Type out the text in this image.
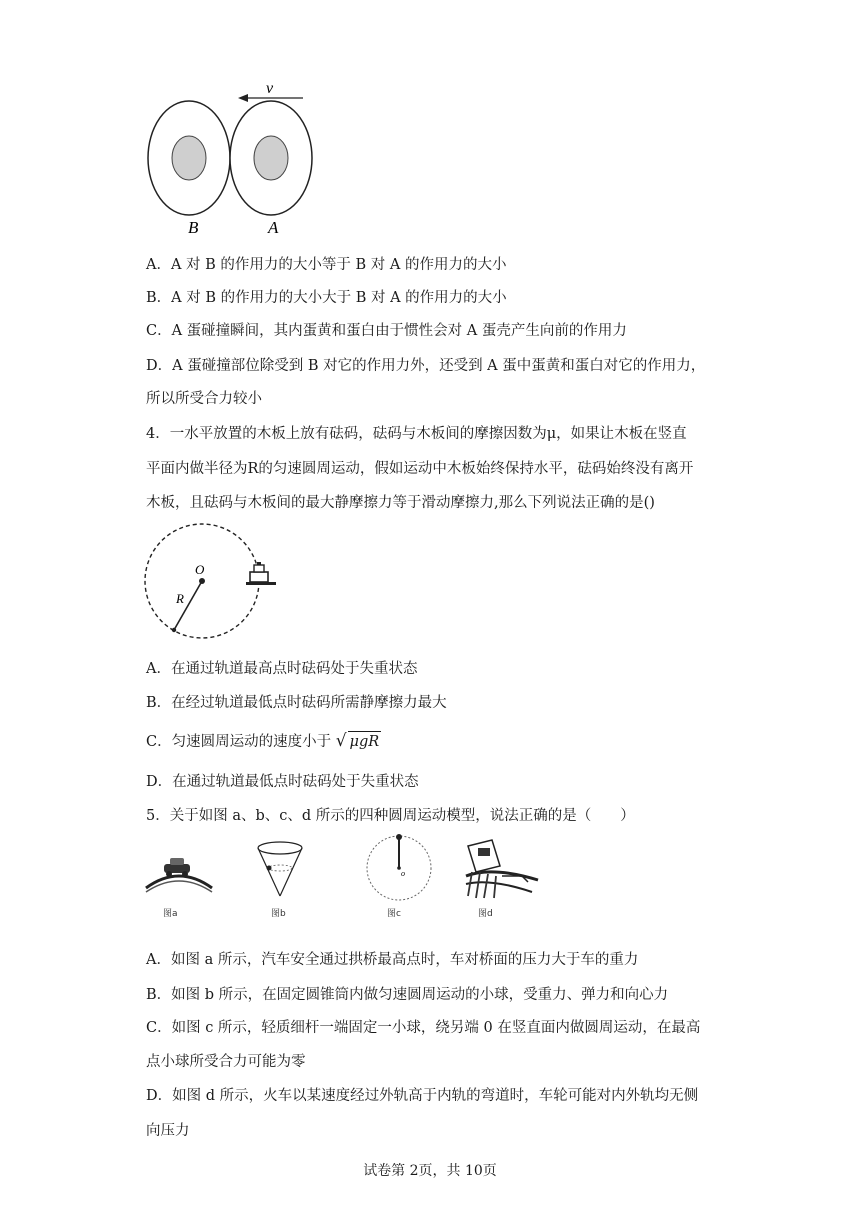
v
B	A
A．A 对 B 的作用力的大小等于 B 对 A 的作用力的大小
B．A 对 B 的作用力的大小大于 B 对 A 的作用力的大小
C．A 蛋碰撞瞬间，其内蛋黄和蛋白由于惯性会对 A 蛋壳产生向前的作用力
D．A 蛋碰撞部位除受到 B 对它的作用力外，还受到 A 蛋中蛋黄和蛋白对它的作用力，
所以所受合力较小
4．一水平放置的木板上放有砝码，砝码与木板间的摩擦因数为μ，如果让木板在竖直
平面内做半径为R的匀速圆周运动，假如运动中木板始终保持水平，砝码始终没有离开
木板，且砝码与木板间的最大静摩擦力等于滑动摩擦力,那么下列说法正确的是()
O
R
A．在通过轨道最高点时砝码处于失重状态
B．在经过轨道最低点时砝码所需静摩擦力最大
C．匀速圆周运动的速度小于 √ μgR
D．在通过轨道最低点时砝码处于失重状态
5．关于如图 a、b、c、d 所示的四种圆周运动模型，说法正确的是（　　）
图a	图b
o
图c	图d
A．如图 a 所示，汽车安全通过拱桥最高点时，车对桥面的压力大于车的重力
B．如图 b 所示，在固定圆锥筒内做匀速圆周运动的小球，受重力、弹力和向心力
C．如图 c 所示，轻质细杆一端固定一小球，绕另端 0 在竖直面内做圆周运动，在最高
点小球所受合力可能为零
D．如图 d 所示，火车以某速度经过外轨高于内轨的弯道时，车轮可能对内外轨均无侧
向压力
试卷第 2页，共 10页
